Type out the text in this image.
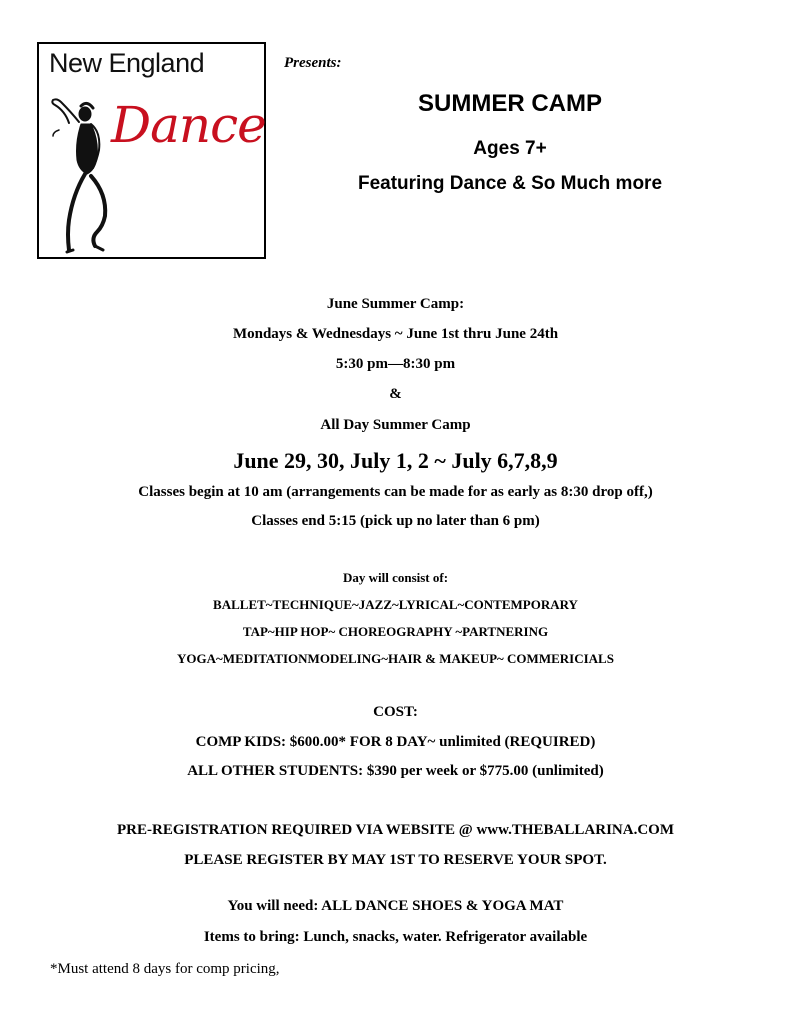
New England
Dance
Presents:
SUMMER CAMP
Ages 7+
Featuring Dance & So Much more
June Summer Camp:
Mondays & Wednesdays ~ June 1st thru June 24th
5:30 pm—8:30 pm
&
All Day Summer Camp
June 29, 30, July 1, 2 ~ July 6,7,8,9
Classes begin at 10 am (arrangements can be made for as early as 8:30 drop off,)
Classes end 5:15 (pick up no later than 6 pm)
Day will consist of:
BALLET~TECHNIQUE~JAZZ~LYRICAL~CONTEMPORARY
TAP~HIP HOP~ CHOREOGRAPHY ~PARTNERING
YOGA~MEDITATIONMODELING~HAIR & MAKEUP~ COMMERICIALS
COST:
COMP KIDS: $600.00* FOR 8 DAY~ unlimited (REQUIRED)
ALL OTHER STUDENTS: $390 per week or $775.00 (unlimited)
PRE-REGISTRATION REQUIRED VIA WEBSITE @ www.THEBALLARINA.COM
PLEASE REGISTER BY MAY 1ST TO RESERVE YOUR SPOT.
You will need: ALL DANCE SHOES & YOGA MAT
Items to bring: Lunch, snacks, water. Refrigerator available
*Must attend 8 days for comp pricing,
